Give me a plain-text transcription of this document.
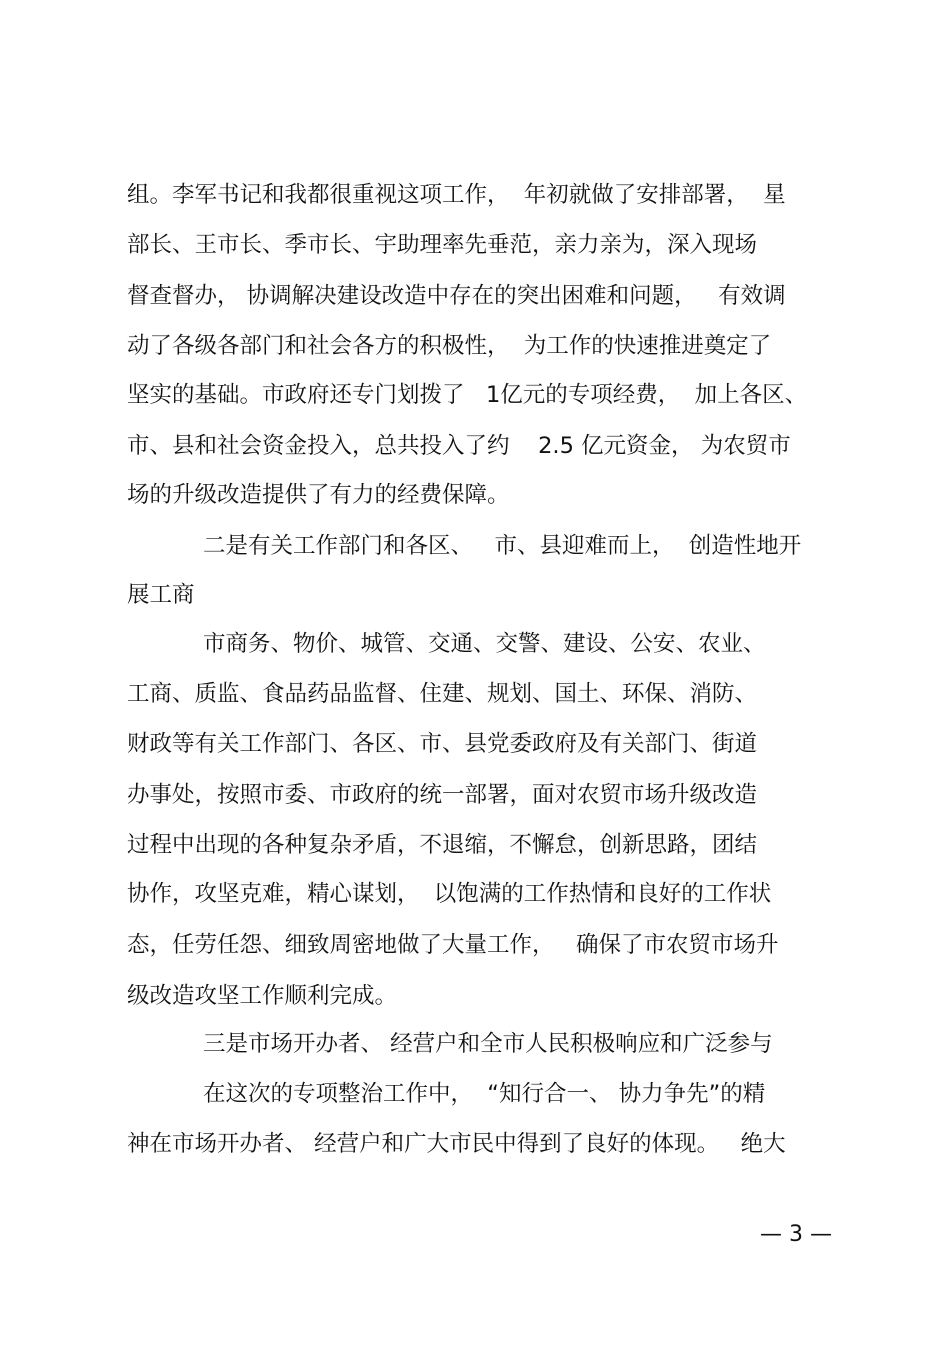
组。李军书记和我都很重视这项工作，  年初就做了安排部署，  星
部长、王市长、季市长、宇助理率先垂范，亲力亲为，深入现场
督查督办， 协调解决建设改造中存在的突出困难和问题，   有效调
动了各级各部门和社会各方的积极性，  为工作的快速推进奠定了
坚实的基础。市政府还专门划拨了   1亿元的专项经费，  加上各区、
市、县和社会资金投入，总共投入了约    2.5 亿元资金， 为农贸市
场的升级改造提供了有力的经费保障。
二是有关工作部门和各区、   市、县迎难而上，  创造性地开
展工商
市商务、物价、城管、交通、交警、建设、公安、农业、
工商、质监、食品药品监督、住建、规划、国土、环保、消防、
财政等有关工作部门、各区、市、县党委政府及有关部门、街道
办事处，按照市委、市政府的统一部署，面对农贸市场升级改造
过程中出现的各种复杂矛盾，不退缩，不懈怠，创新思路，团结
协作，攻坚克难，精心谋划，  以饱满的工作热情和良好的工作状
态，任劳任怨、细致周密地做了大量工作，   确保了市农贸市场升
级改造攻坚工作顺利完成。
三是市场开办者、 经营户和全市人民积极响应和广泛参与
在这次的专项整治工作中，  “知行合一、 协力争先”的精
神在市场开办者、 经营户和广大市民中得到了良好的体现。   绝大
— 3 —
